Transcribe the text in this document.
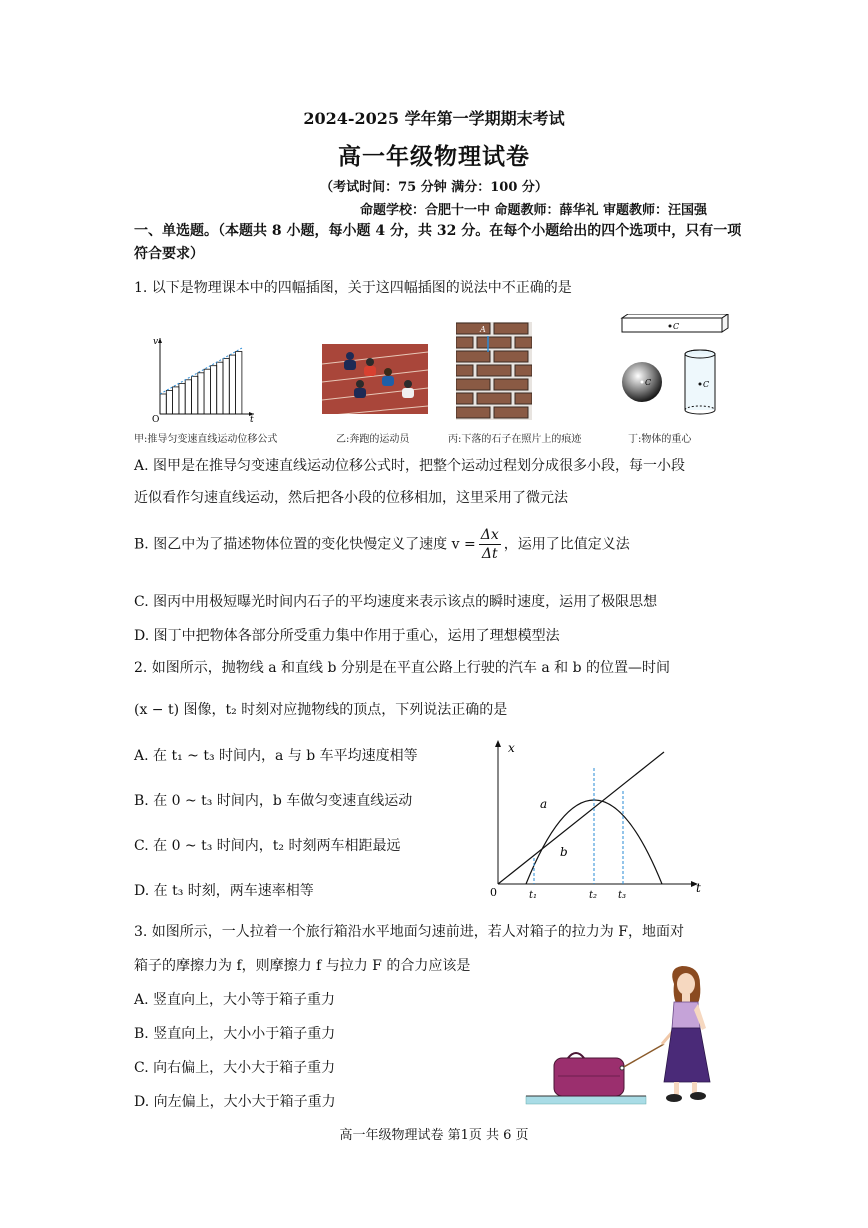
2024-2025 学年第一学期期末考试
高一年级物理试卷
（考试时间：75 分钟 满分：100 分）
命题学校：合肥十一中 命题教师：薛华礼 审题教师：汪国强
一、单选题。（本题共 8 小题，每小题 4 分，共 32 分。在每个小题给出的四个选项中，只有一项符合要求）
1. 以下是物理课本中的四幅插图，关于这四幅插图的说法中不正确的是
v
t
O
A	C
C	C
甲:推导匀变速直线运动位移公式	乙:奔跑的运动员	丙:下落的石子在照片上的痕迹	丁:物体的重心
A. 图甲是在推导匀变速直线运动位移公式时，把整个运动过程划分成很多小段，每一小段
近似看作匀速直线运动，然后把各小段的位移相加，这里采用了微元法
B. 图乙中为了描述物体位置的变化快慢定义了速度 $v = \frac{\Delta x}{\Delta t}$ ，运用了比值定义法
C. 图丙中用极短曝光时间内石子的平均速度来表示该点的瞬时速度，运用了极限思想
D. 图丁中把物体各部分所受重力集中作用于重心，运用了理想模型法
2. 如图所示，抛物线 a 和直线 b 分别是在平直公路上行驶的汽车 a 和 b 的位置—时间
(x − t) 图像，t₂ 时刻对应抛物线的顶点，下列说法正确的是
A. 在 t₁ ~ t₃ 时间内，a 与 b 车平均速度相等
B. 在 0 ~ t₃ 时间内，b 车做匀变速直线运动
C. 在 0 ~ t₃ 时间内，t₂ 时刻两车相距最远
D. 在 t₃ 时刻，两车速率相等
x
t
0
a
b
t₁	t₂ t₃
3. 如图所示，一人拉着一个旅行箱沿水平地面匀速前进，若人对箱子的拉力为 F，地面对
箱子的摩擦力为 f，则摩擦力 f 与拉力 F 的合力应该是
A. 竖直向上，大小等于箱子重力
B. 竖直向上，大小小于箱子重力
C. 向右偏上，大小大于箱子重力
D. 向左偏上，大小大于箱子重力
高一年级物理试卷 第1页 共 6 页
